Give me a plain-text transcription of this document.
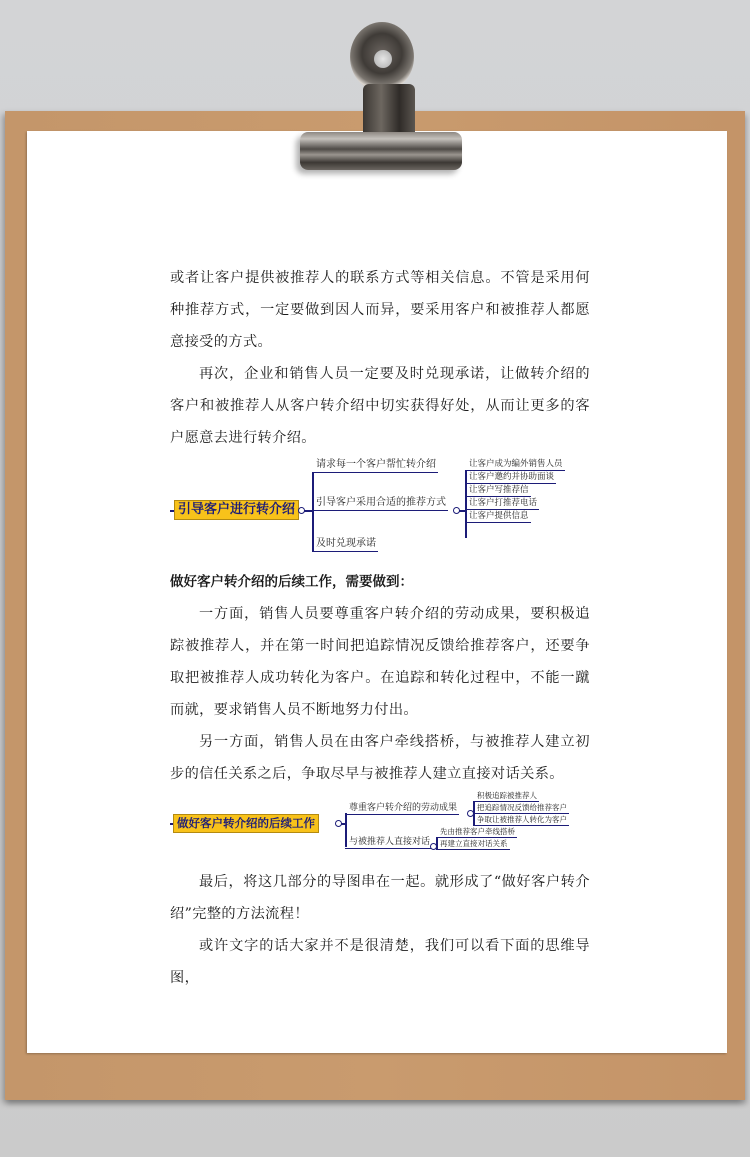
或者让客户提供被推荐人的联系方式等相关信息。不管是采用何种推荐方式，一定要做到因人而异，要采用客户和被推荐人都愿意接受的方式。

再次，企业和销售人员一定要及时兑现承诺，让做转介绍的客户和被推荐人从客户转介绍中切实获得好处，从而让更多的客户愿意去进行转介绍。

引导客户进行转介绍
请求每一个客户帮忙转介绍
引导客户采用合适的推荐方式
及时兑现承诺
让客户成为编外销售人员
让客户邀约并协助面谈
让客户写推荐信
让客户打推荐电话
让客户提供信息

做好客户转介绍的后续工作，需要做到：

一方面，销售人员要尊重客户转介绍的劳动成果，要积极追踪被推荐人，并在第一时间把追踪情况反馈给推荐客户，还要争取把被推荐人成功转化为客户。在追踪和转化过程中，不能一蹴而就，要求销售人员不断地努力付出。

另一方面，销售人员在由客户牵线搭桥，与被推荐人建立初步的信任关系之后，争取尽早与被推荐人建立直接对话关系。

做好客户转介绍的后续工作
尊重客户转介绍的劳动成果
与被推荐人直接对话
积极追踪被推荐人
把追踪情况反馈给推荐客户
争取让被推荐人转化为客户
先由推荐客户牵线搭桥
再建立直接对话关系

最后，将这几部分的导图串在一起。就形成了“做好客户转介绍”完整的方法流程！

或许文字的话大家并不是很清楚，我们可以看下面的思维导图，
